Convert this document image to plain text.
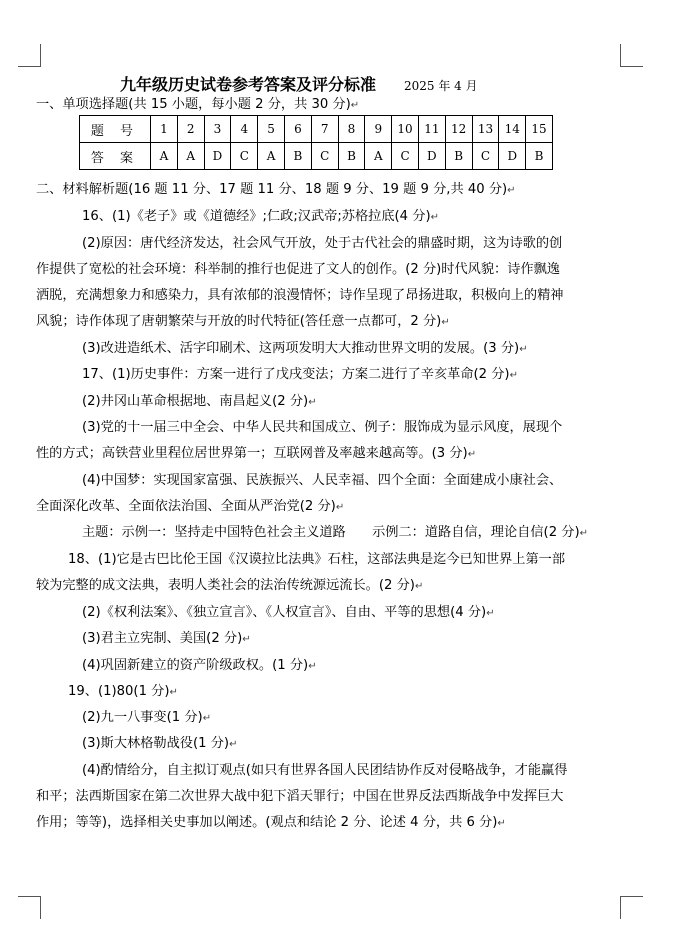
九年级历史试卷参考答案及评分标准 2025 年 4 月
一、单项选择题(共 15 小题，每小题 2 分，共 30 分)↵
题 号	1	2	3	4	5	6	7	8	9	10	11	12	13	14	15
答 案	A	A	D	C	A	B	C	B	A	C	D	B	C	D	B
二、材料解析题(16 题 11 分、17 题 11 分、18 题 9 分、19 题 9 分,共 40 分)↵
16、(1)《老子》或《道德经》;仁政;汉武帝;苏格拉底(4 分)↵
(2)原因：唐代经济发达，社会风气开放，处于古代社会的鼎盛时期，这为诗歌的创
作提供了宽松的社会环境：科举制的推行也促进了文人的创作。(2 分)时代风貌：诗作飘逸
洒脱，充满想象力和感染力，具有浓郁的浪漫情怀；诗作呈现了昂扬进取，积极向上的精神
风貌；诗作体现了唐朝繁荣与开放的时代特征(答任意一点都可，2 分)↵
(3)改进造纸术、活字印刷术、这两项发明大大推动世界文明的发展。(3 分)↵
17、(1)历史事件：方案一进行了戊戌变法；方案二进行了辛亥革命(2 分)↵
(2)井冈山革命根据地、南昌起义(2 分)↵
(3)党的十一届三中全会、中华人民共和国成立、例子：服饰成为显示风度，展现个
性的方式；高铁营业里程位居世界第一；互联网普及率越来越高等。(3 分)↵
(4)中国梦：实现国家富强、民族振兴、人民幸福、四个全面：全面建成小康社会、
全面深化改革、全面依法治国、全面从严治党(2 分)↵
主题：示例一：坚持走中国特色社会主义道路　　示例二：道路自信，理论自信(2 分)↵
18、(1)它是古巴比伦王国《汉谟拉比法典》石柱，这部法典是迄今已知世界上第一部
较为完整的成文法典，表明人类社会的法治传统源远流长。(2 分)↵
(2)《权利法案》、《独立宣言》、《人权宣言》、自由、平等的思想(4 分)↵
(3)君主立宪制、美国(2 分)↵
(4)巩固新建立的资产阶级政权。(1 分)↵
19、(1)80(1 分)↵
(2)九一八事变(1 分)↵
(3)斯大林格勒战役(1 分)↵
(4)酌情给分，自主拟订观点(如只有世界各国人民团结协作反对侵略战争，才能赢得
和平；法西斯国家在第二次世界大战中犯下滔天罪行；中国在世界反法西斯战争中发挥巨大
作用；等等)，选择相关史事加以阐述。(观点和结论 2 分、论述 4 分，共 6 分)↵
